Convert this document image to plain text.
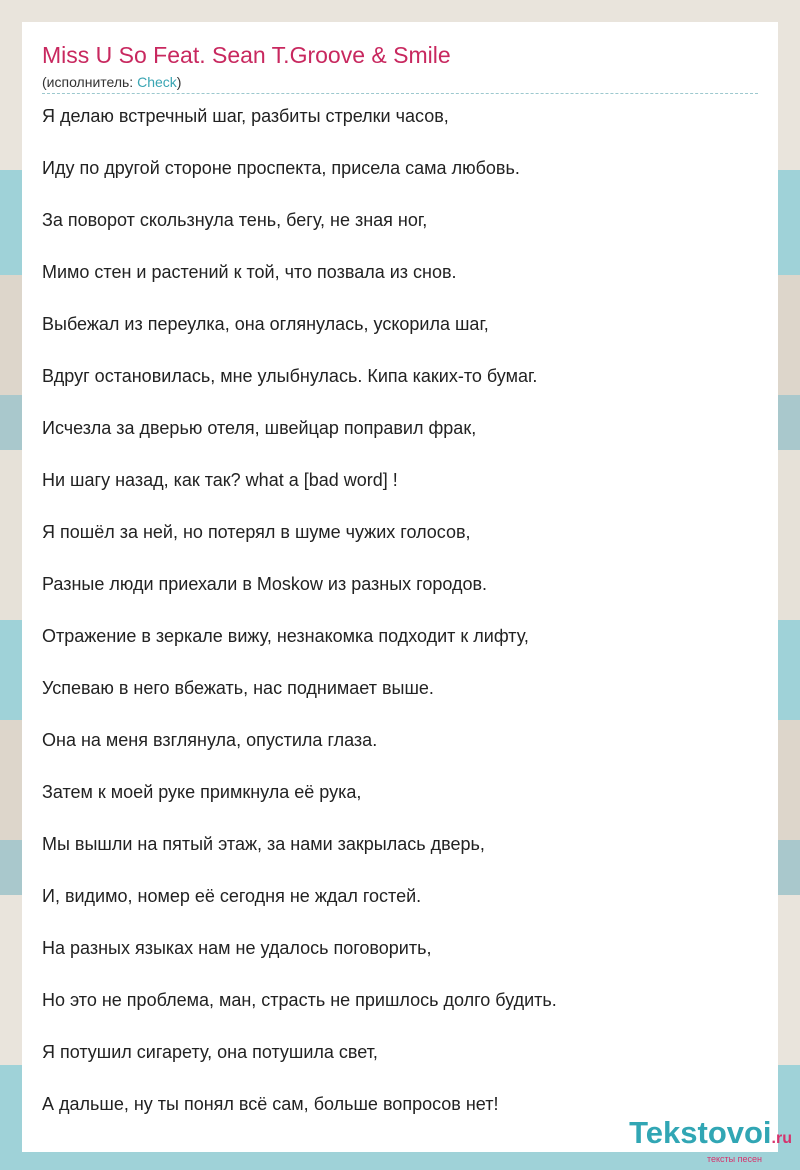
Miss U So Feat. Sean T.Groove & Smile
(исполнитель: Check)
Я делаю встречный шаг, разбиты стрелки часов,
Иду по другой стороне проспекта, присела сама любовь.
За поворот скользнула тень, бегу, не зная ног,
Мимо стен и растений к той, что позвала из снов.
Выбежал из переулка, она оглянулась, ускорила шаг,
Вдруг остановилась, мне улыбнулась. Кипа каких-то бумаг.
Исчезла за дверью отеля, швейцар поправил фрак,
Ни шагу назад, как так? what a [bad word] !
Я пошёл за ней, но потерял в шуме чужих голосов,
Разные люди приехали в Moskow из разных городов.
Отражение в зеркале вижу, незнакомка подходит к лифту,
Успеваю в него вбежать, нас поднимает выше.
Она на меня взглянула, опустила глаза.
Затем к моей руке примкнула её рука,
Мы вышли на пятый этаж, за нами закрылась дверь,
И, видимо, номер её сегодня не ждал гостей.
На разных языках нам не удалось поговорить,
Но это не проблема, ман, страсть не пришлось долго будить.
Я потушил сигарету, она потушила свет,
А дальше, ну ты понял всё сам, больше вопросов нет!
Tekstovoi.ru
тексты песен
